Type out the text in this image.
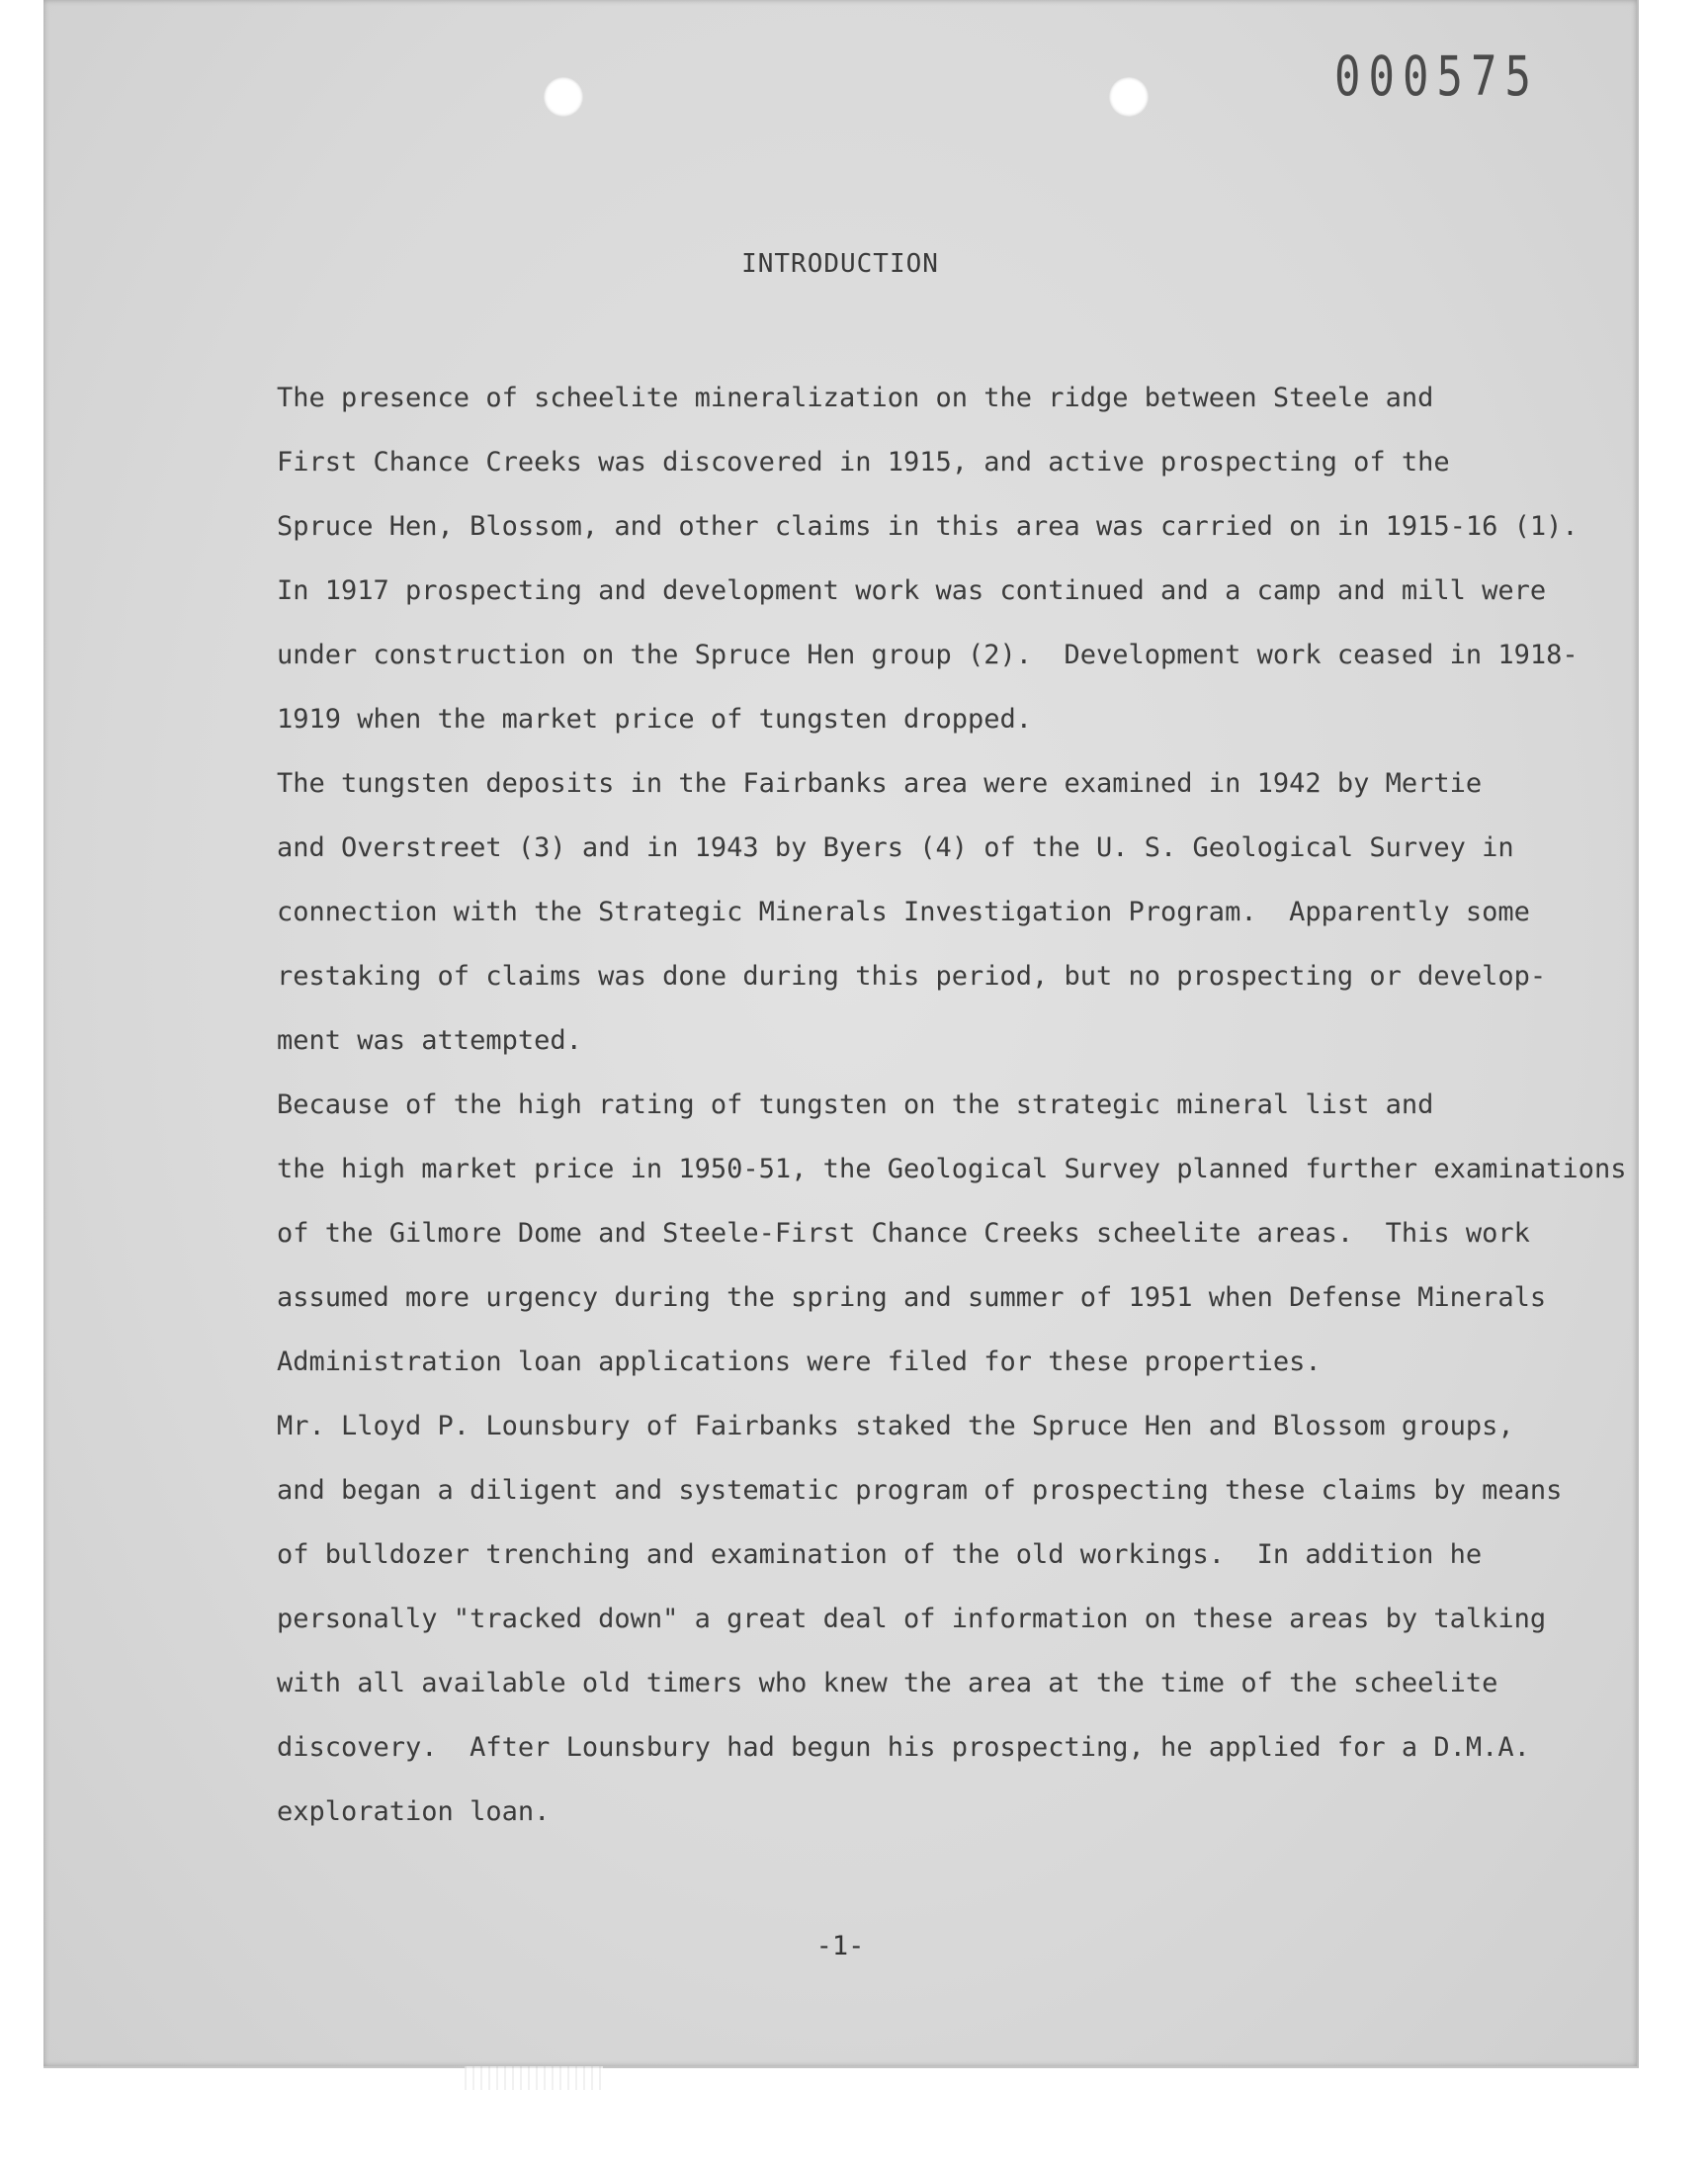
000575
INTRODUCTION

The presence of scheelite mineralization on the ridge between Steele and
First Chance Creeks was discovered in 1915, and active prospecting of the
Spruce Hen, Blossom, and other claims in this area was carried on in 1915-16 (1).
In 1917 prospecting and development work was continued and a camp and mill were
under construction on the Spruce Hen group (2).  Development work ceased in 1918-
1919 when the market price of tungsten dropped.

The tungsten deposits in the Fairbanks area were examined in 1942 by Mertie
and Overstreet (3) and in 1943 by Byers (4) of the U. S. Geological Survey in
connection with the Strategic Minerals Investigation Program.  Apparently some
restaking of claims was done during this period, but no prospecting or develop-
ment was attempted.

Because of the high rating of tungsten on the strategic mineral list and
the high market price in 1950-51, the Geological Survey planned further examinations
of the Gilmore Dome and Steele-First Chance Creeks scheelite areas.  This work
assumed more urgency during the spring and summer of 1951 when Defense Minerals
Administration loan applications were filed for these properties.

Mr. Lloyd P. Lounsbury of Fairbanks staked the Spruce Hen and Blossom groups,
and began a diligent and systematic program of prospecting these claims by means
of bulldozer trenching and examination of the old workings.  In addition he
personally "tracked down" a great deal of information on these areas by talking
with all available old timers who knew the area at the time of the scheelite
discovery.  After Lounsbury had begun his prospecting, he applied for a D.M.A.
exploration loan.

-1-
